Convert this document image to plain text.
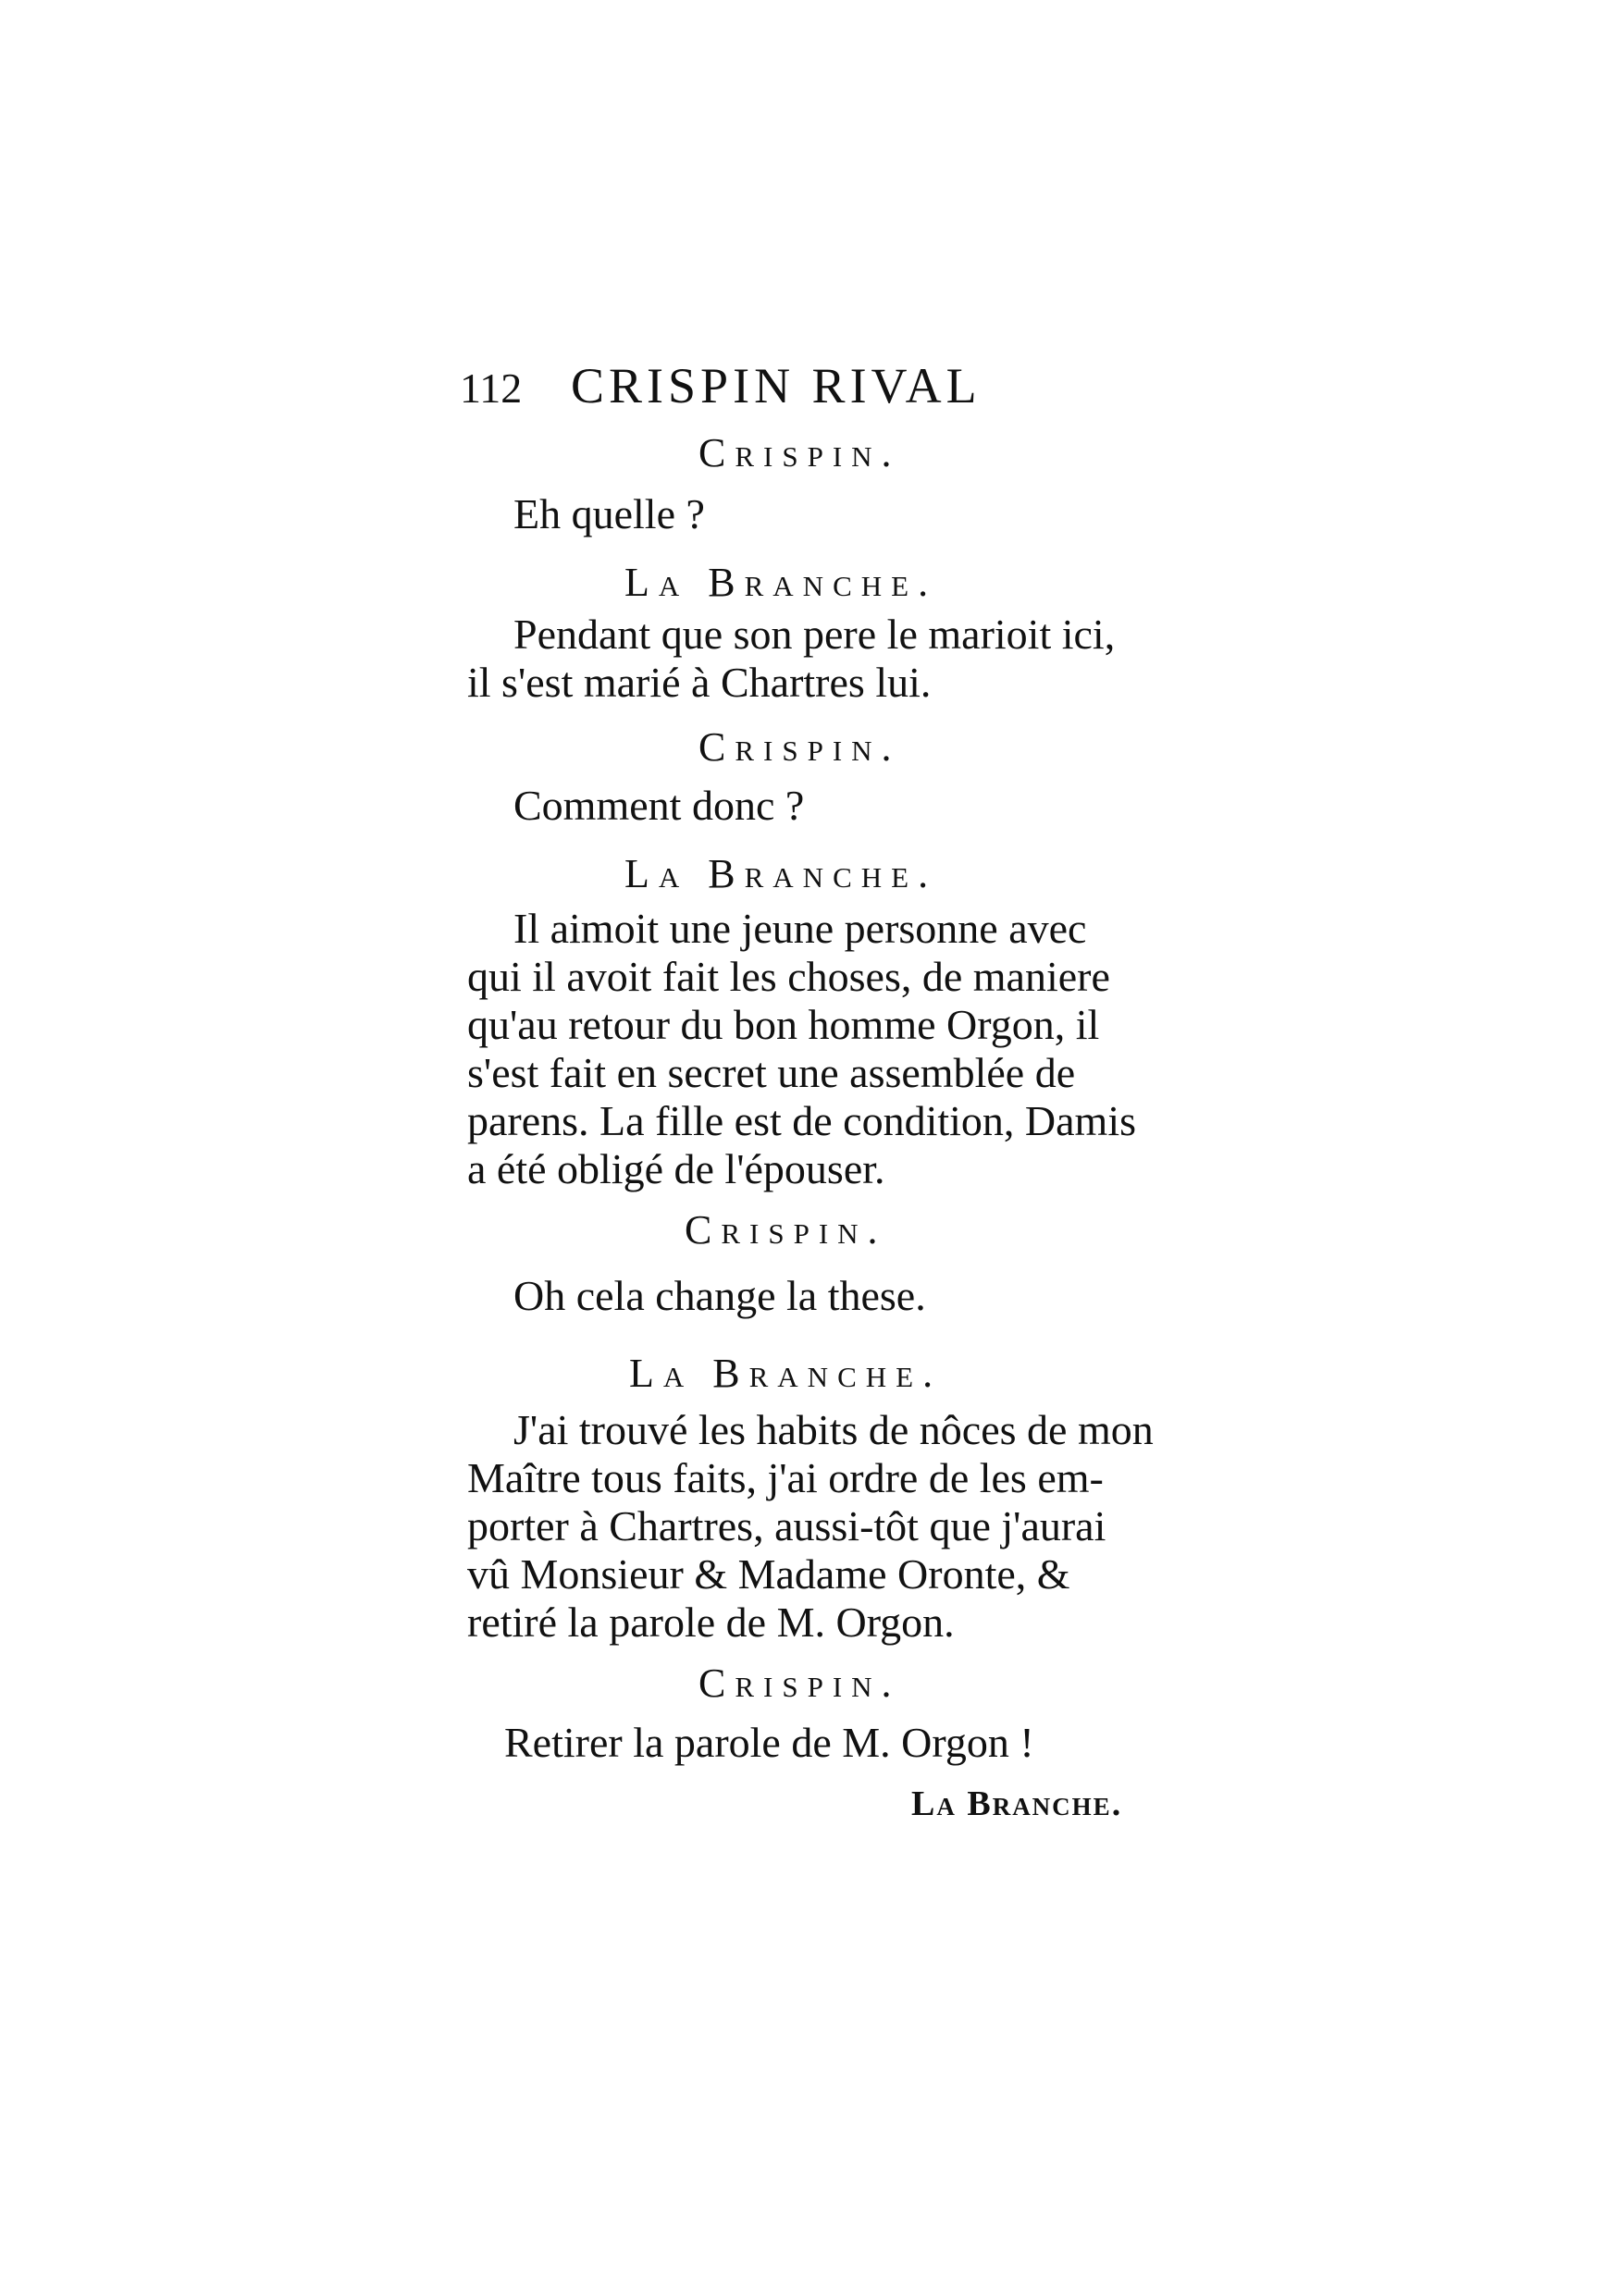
112 CRISPIN RIVAL
Crispin.
Eh quelle ?
La Branche.
Pendant que son pere le marioit ici,
il s'est marié à Chartres lui.
Crispin.
Comment donc ?
La Branche.
Il aimoit une jeune personne avec
qui il avoit fait les choses, de maniere
qu'au retour du bon homme Orgon, il
s'est fait en secret une assemblée de
parens. La fille est de condition, Damis
a été obligé de l'épouser.
Crispin.
Oh cela change la these.
La Branche.
J'ai trouvé les habits de nôces de mon
Maître tous faits, j'ai ordre de les em-
porter à Chartres, aussi-tôt que j'aurai
vû Monsieur & Madame Oronte, &
retiré la parole de M. Orgon.
Crispin.
Retirer la parole de M. Orgon !
La Branche.
